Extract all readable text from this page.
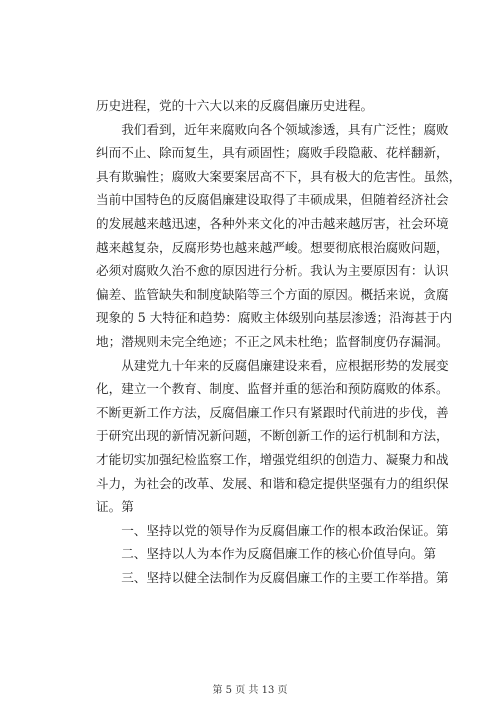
历史进程，党的十六大以来的反腐倡廉历史进程。

我们看到，近年来腐败向各个领域渗透，具有广泛性；腐败
纠而不止、除而复生，具有顽固性；腐败手段隐蔽、花样翻新，
具有欺骗性；腐败大案要案居高不下，具有极大的危害性。虽然，
当前中国特色的反腐倡廉建设取得了丰硕成果，但随着经济社会
的发展越来越迅速，各种外来文化的冲击越来越厉害，社会环境
越来越复杂，反腐形势也越来越严峻。想要彻底根治腐败问题，
必须对腐败久治不愈的原因进行分析。我认为主要原因有：认识
偏差、监管缺失和制度缺陷等三个方面的原因。概括来说，贪腐
现象的 5 大特征和趋势：腐败主体级别向基层渗透；沿海甚于内
地；潜规则未完全绝迹；不正之风未杜绝；监督制度仍存漏洞。

从建党九十年来的反腐倡廉建设来看，应根据形势的发展变
化，建立一个教育、制度、监督并重的惩治和预防腐败的体系。
不断更新工作方法，反腐倡廉工作只有紧跟时代前进的步伐，善
于研究出现的新情况新问题，不断创新工作的运行机制和方法，
才能切实加强纪检监察工作，增强党组织的创造力、凝聚力和战
斗力，为社会的改革、发展、和谐和稳定提供坚强有力的组织保
证。第

一、坚持以党的领导作为反腐倡廉工作的根本政治保证。第

二、坚持以人为本作为反腐倡廉工作的核心价值导向。第

三、坚持以健全法制作为反腐倡廉工作的主要工作举措。第

第 5 页 共 13 页
